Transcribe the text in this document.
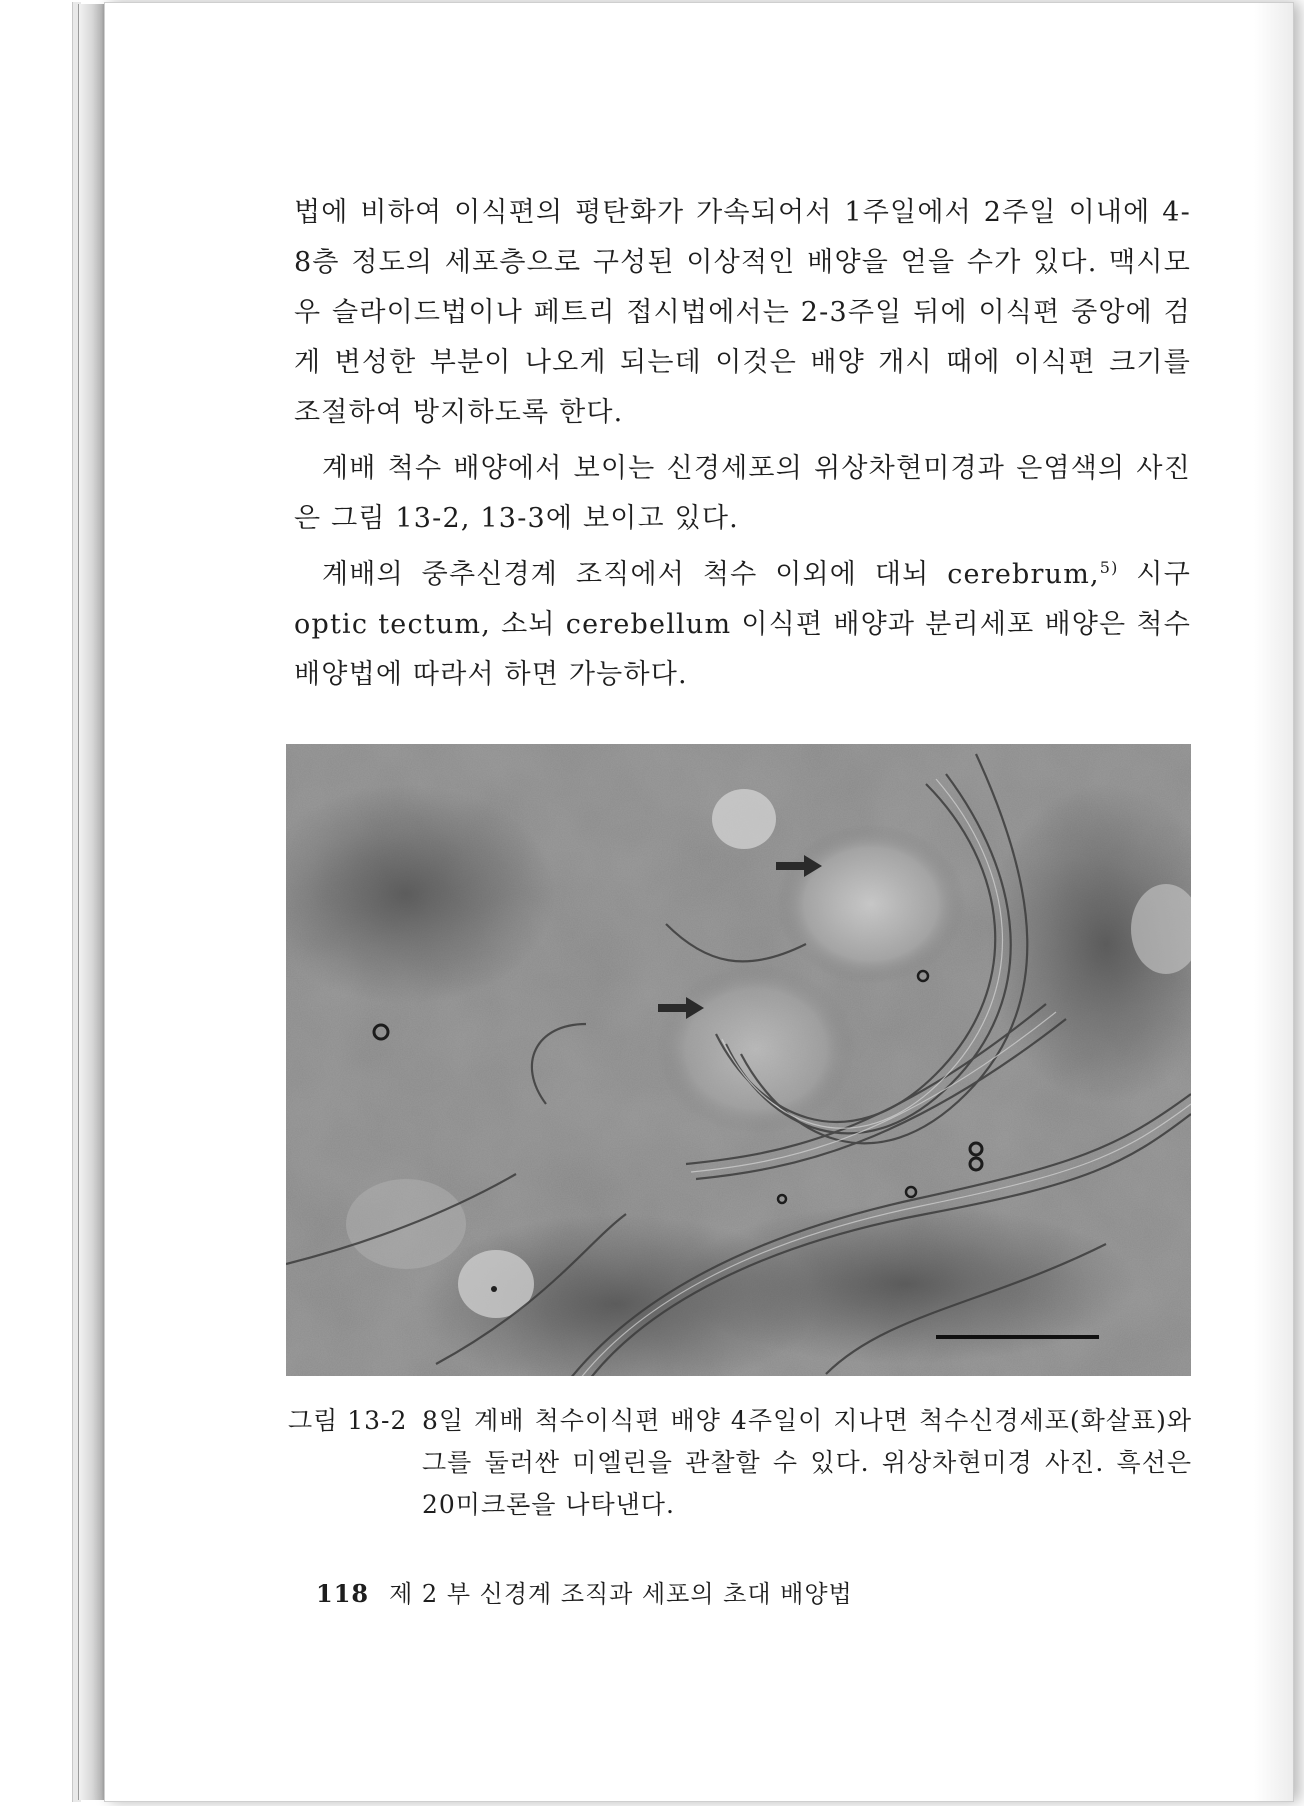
법에 비하여 이식편의 평탄화가 가속되어서 1주일에서 2주일 이내에 4-8층 정도의 세포층으로 구성된 이상적인 배양을 얻을 수가 있다. 맥시모우 슬라이드법이나 페트리 접시법에서는 2-3주일 뒤에 이식편 중앙에 검게 변성한 부분이 나오게 되는데 이것은 배양 개시 때에 이식편 크기를 조절하여 방지하도록 한다.

계배 척수 배양에서 보이는 신경세포의 위상차현미경과 은염색의 사진은 그림 13-2, 13-3에 보이고 있다.

계배의 중추신경계 조직에서 척수 이외에 대뇌 cerebrum,$^{5)}$ 시구 optic tectum, 소뇌 cerebellum 이식편 배양과 분리세포 배양은 척수 배양법에 따라서 하면 가능하다.

그림 13-2 8일 계배 척수이식편 배양 4주일이 지나면 척수신경세포(화살표)와 그를 둘러싼 미엘린을 관찰할 수 있다. 위상차현미경 사진. 흑선은 20미크론을 나타낸다.
118 제 2 부 신경계 조직과 세포의 초대 배양법
